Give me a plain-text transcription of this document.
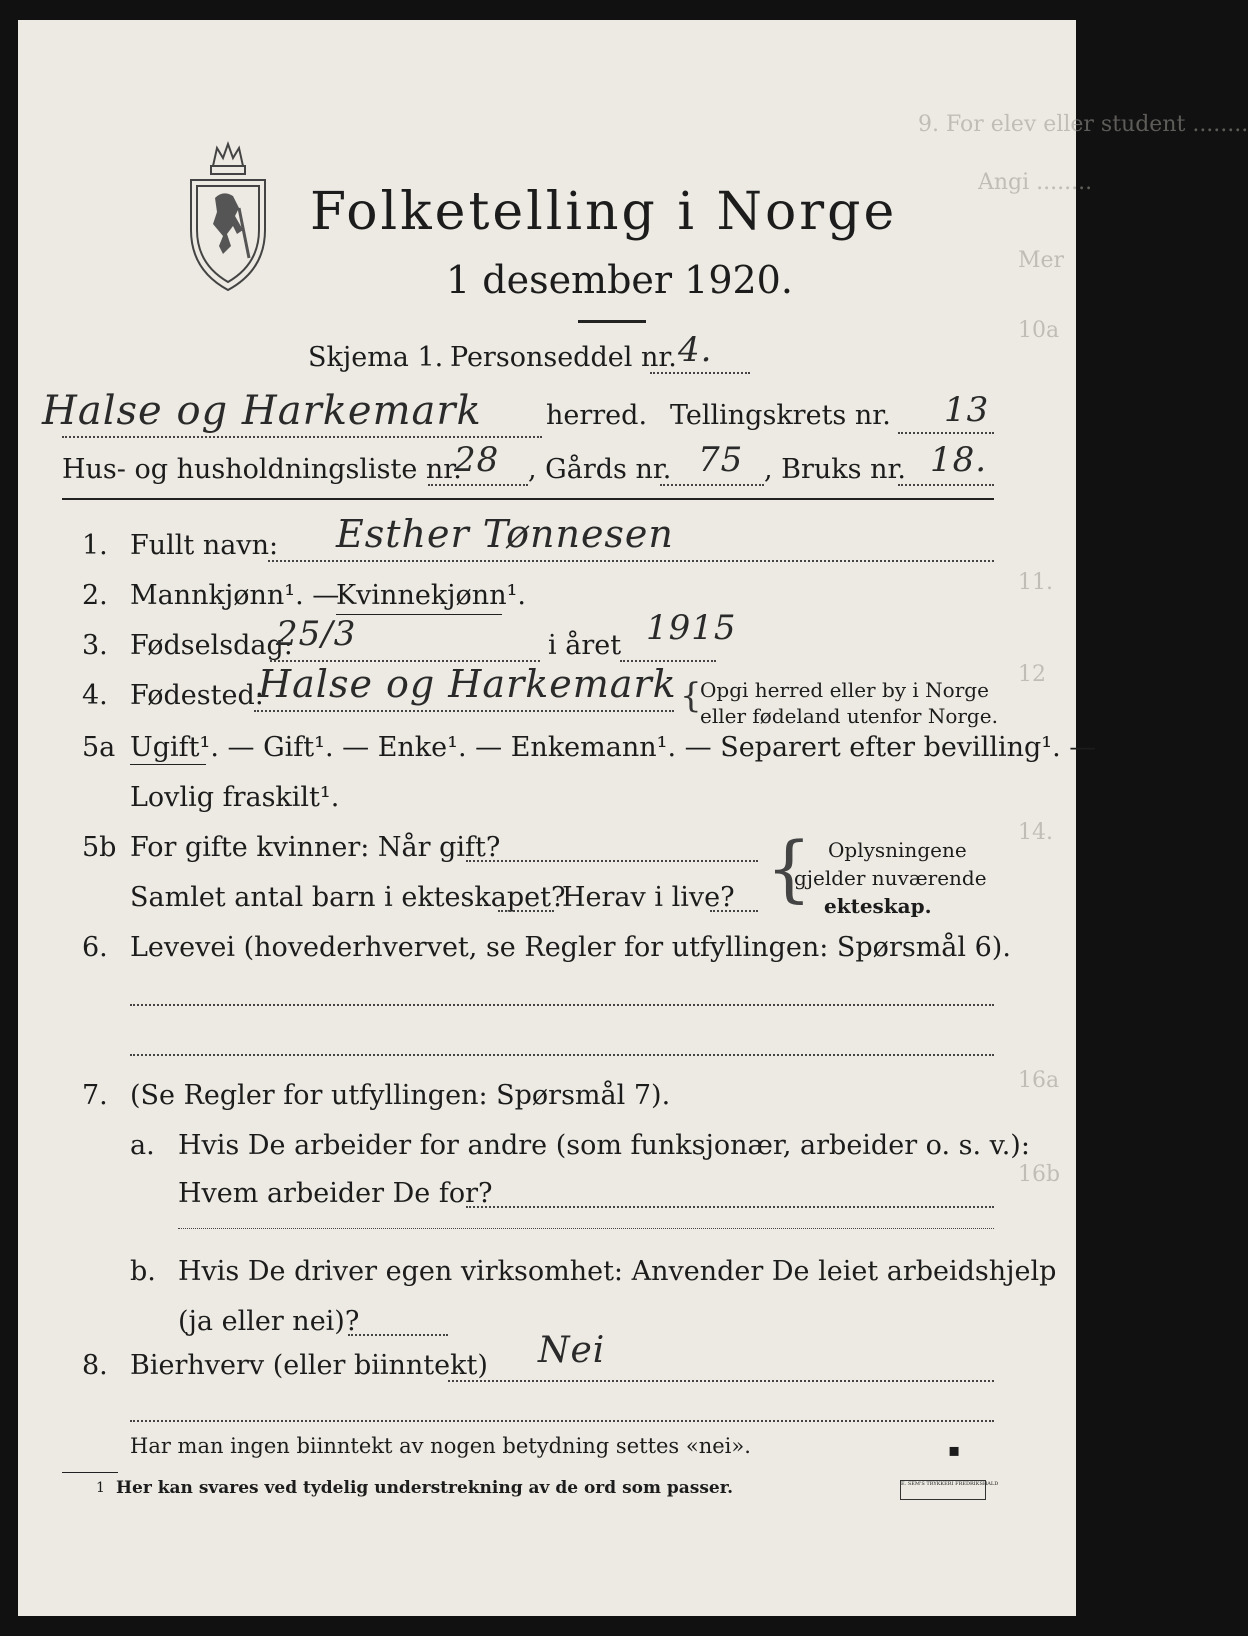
9. For elev eller student ........
Angi ........
Mer
10a
11.
12
14.
16a
16b
Folketelling i Norge
1 desember 1920.
Skjema 1. Personseddel nr. 4.
Halse og Harkemark herred. Tellingskrets nr. 13
Hus- og husholdningsliste nr.
28 , Gårds nr. 75 , Bruks nr. 18.
1. Fullt navn: Esther Tønnesen
2. Mannkjønn¹. —
Kvinnekjønn¹.
3. Fødselsdag:
25/3	i året 1915
4. Fødested:
Halse og Harkemark {
Opgi herred eller by i Norge
eller fødeland utenfor Norge.
5a Ugift¹. — Gift¹. — Enke¹. — Enkemann¹. — Separert efter bevilling¹. —
Lovlig fraskilt¹.
5b For gifte kvinner: Når gift?
Samlet antal barn i ekteskapet?
Herav i live? { Oplysningene
gjelder nuværende
ekteskap.
6. Levevei (hovederhvervet, se Regler for utfyllingen: Spørsmål 6).
7. (Se Regler for utfyllingen: Spørsmål 7).
a. Hvis De arbeider for andre (som funksjonær, arbeider o. s. v.):
Hvem arbeider De for?
b. Hvis De driver egen virksomhet: Anvender De leiet arbeidshjelp
(ja eller nei)?
8. Bierhverv (eller biinntekt) Nei
Har man ingen biinntekt av nogen betydning settes «nei».	▪
1 Her kan svares ved tydelig understrekning av de ord som passer.	E. SEM'S TRYKKERI FREDRIKSHALD
